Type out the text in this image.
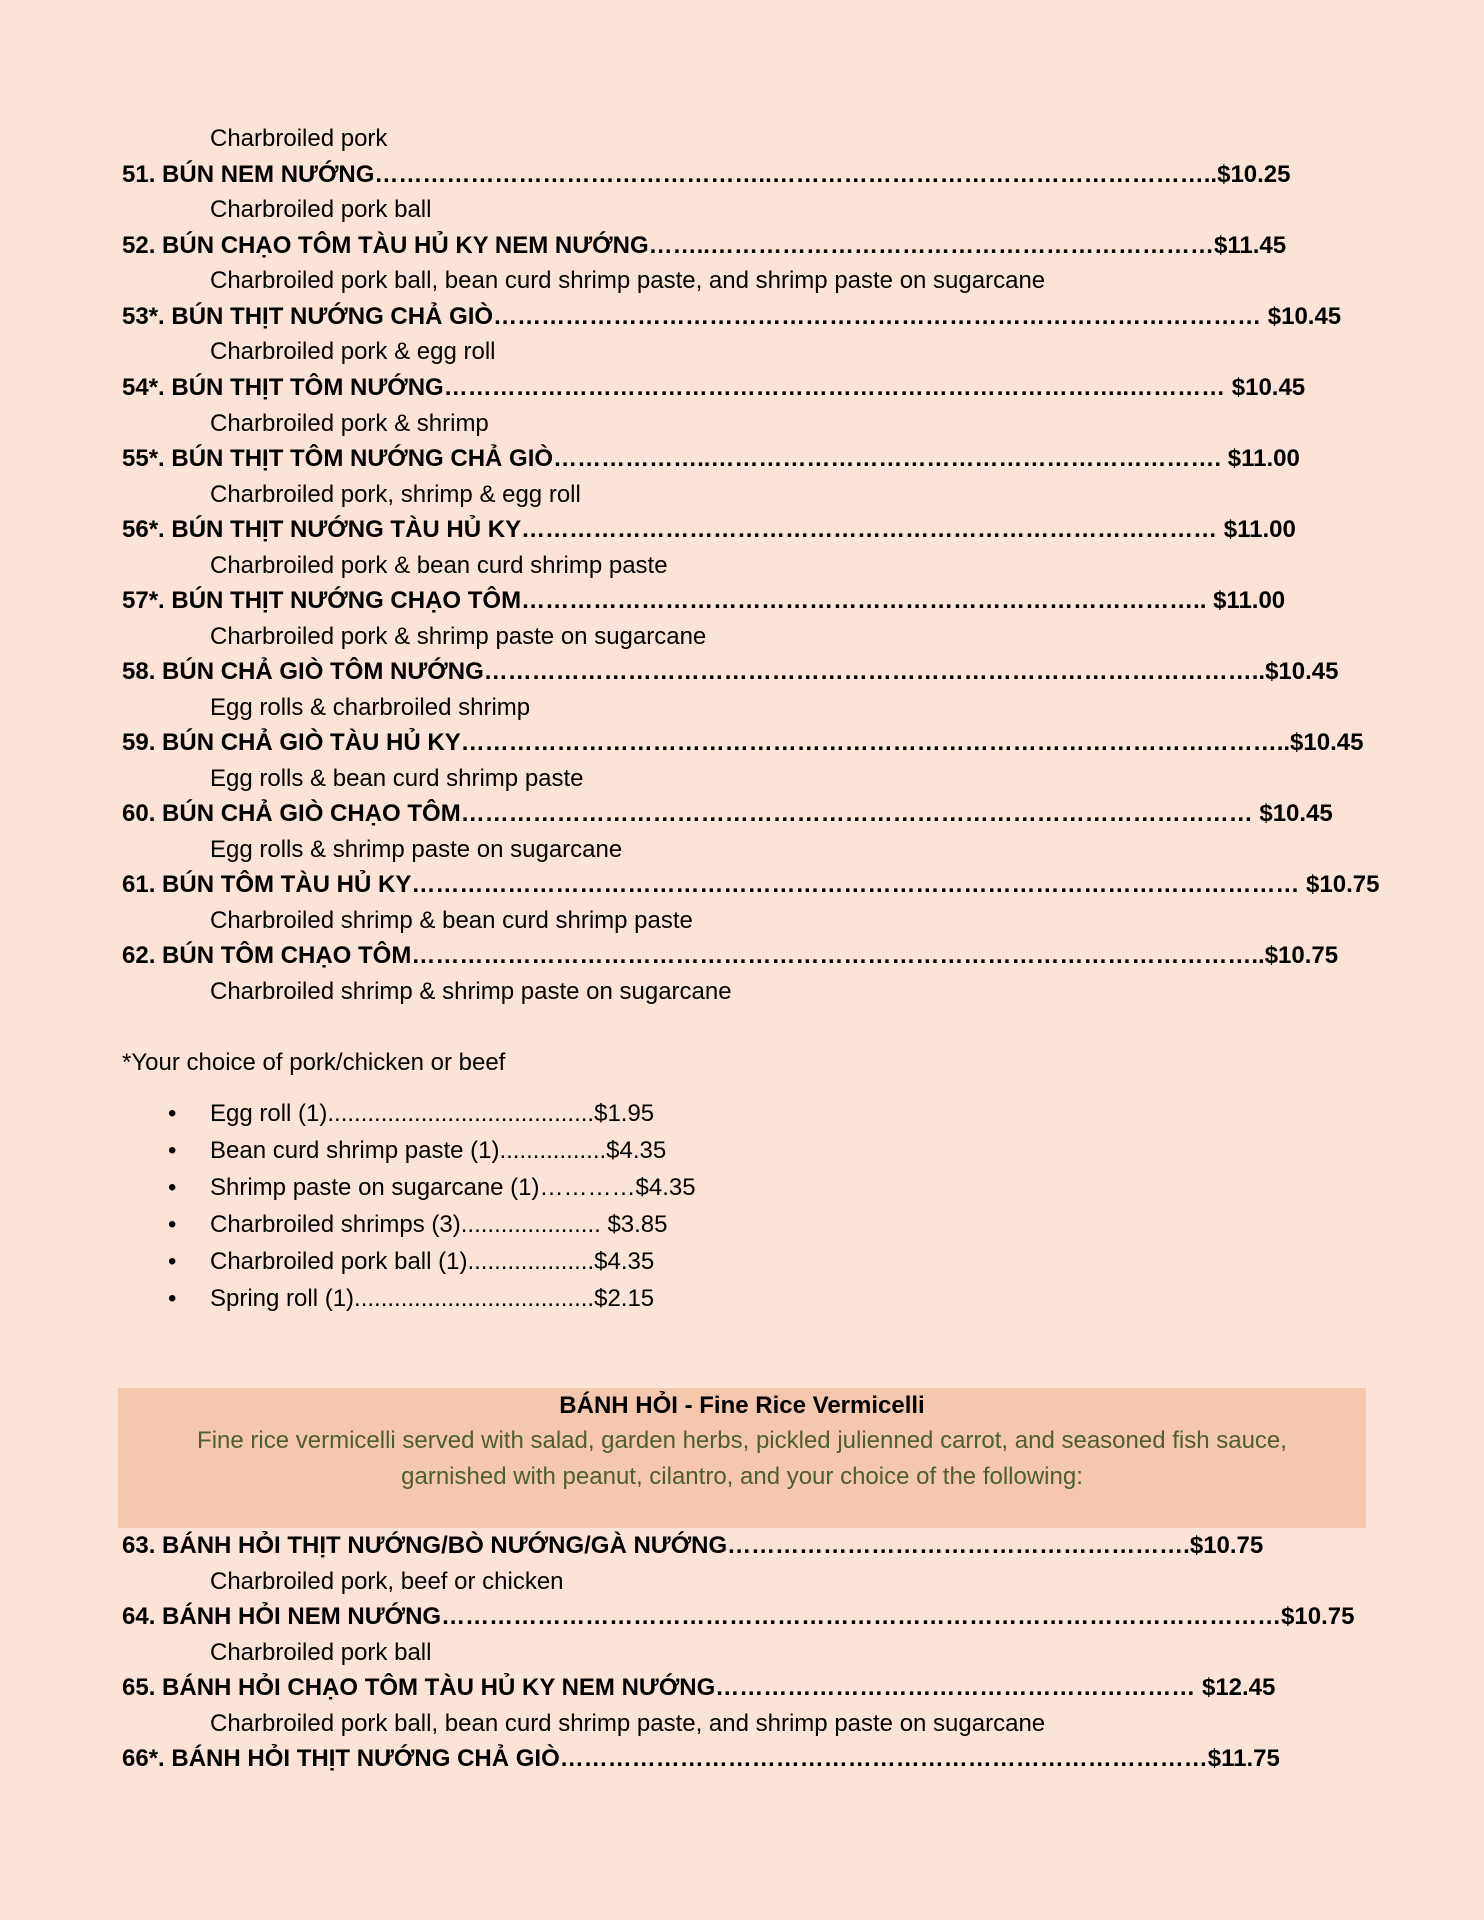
Charbroiled pork
51. BÚN NEM NƯỚNG…………………………………………..………………………………………………..$10.25
Charbroiled pork ball
52. BÚN CHẠO TÔM TÀU HỦ KY NEM NƯỚNG……..………………………………………………………$11.45
Charbroiled pork ball, bean curd shrimp paste, and shrimp paste on sugarcane
53*. BÚN THỊT NƯỚNG CHẢ GIÒ…………………………………………………………………………………… $10.45
Charbroiled pork & egg roll
54*. BÚN THỊT TÔM NƯỚNG…………………………………………………………………………..………… $10.45
Charbroiled pork & shrimp
55*. BÚN THỊT TÔM NƯỚNG CHẢ GIÒ………………..………………………………………………………. $11.00
Charbroiled pork, shrimp & egg roll
56*. BÚN THỊT NƯỚNG TÀU HỦ KY…………………………………………………………………………… $11.00
Charbroiled pork & bean curd shrimp paste
57*. BÚN THỊT NƯỚNG CHẠO TÔM………………………………………………………………………….. $11.00
Charbroiled pork & shrimp paste on sugarcane
58. BÚN CHẢ GIÒ TÔM NƯỚNG……………………………………………………………………………………..$10.45
Egg rolls & charbroiled shrimp
59. BÚN CHẢ GIÒ TÀU HỦ KY…………………………………………………………………………………………..$10.45
Egg rolls & bean curd shrimp paste
60. BÚN CHẢ GIÒ CHẠO TÔM……………………………………………………………………………………… $10.45
Egg rolls & shrimp paste on sugarcane
61. BÚN TÔM TÀU HỦ KY………………………………………………………………………………………………… $10.75
Charbroiled shrimp & bean curd shrimp paste
62. BÚN TÔM CHẠO TÔM……………………………………………………………………………………………..$10.75
Charbroiled shrimp & shrimp paste on sugarcane
*Your choice of pork/chicken or beef
• Egg roll (1)........................................$1.95
• Bean curd shrimp paste (1)................$4.35
• Shrimp paste on sugarcane (1)…………$4.35
• Charbroiled shrimps (3)..................... $3.85
• Charbroiled pork ball (1)...................$4.35
• Spring roll (1)....................................$2.15
BÁNH HỎI - Fine Rice Vermicelli
Fine rice vermicelli served with salad, garden herbs, pickled julienned carrot, and seasoned fish sauce,
garnished with peanut, cilantro, and your choice of the following:
63. BÁNH HỎI THỊT NƯỚNG/BÒ NƯỚNG/GÀ NƯỚNG………………………………………………….$10.75
Charbroiled pork, beef or chicken
64. BÁNH HỎI NEM NƯỚNG……………………………………………………………………………………………$10.75
Charbroiled pork ball
65. BÁNH HỎI CHẠO TÔM TÀU HỦ KY NEM NƯỚNG…………………………………………………… $12.45
Charbroiled pork ball, bean curd shrimp paste, and shrimp paste on sugarcane
66*. BÁNH HỎI THỊT NƯỚNG CHẢ GIÒ………………………………………………………………………$11.75
